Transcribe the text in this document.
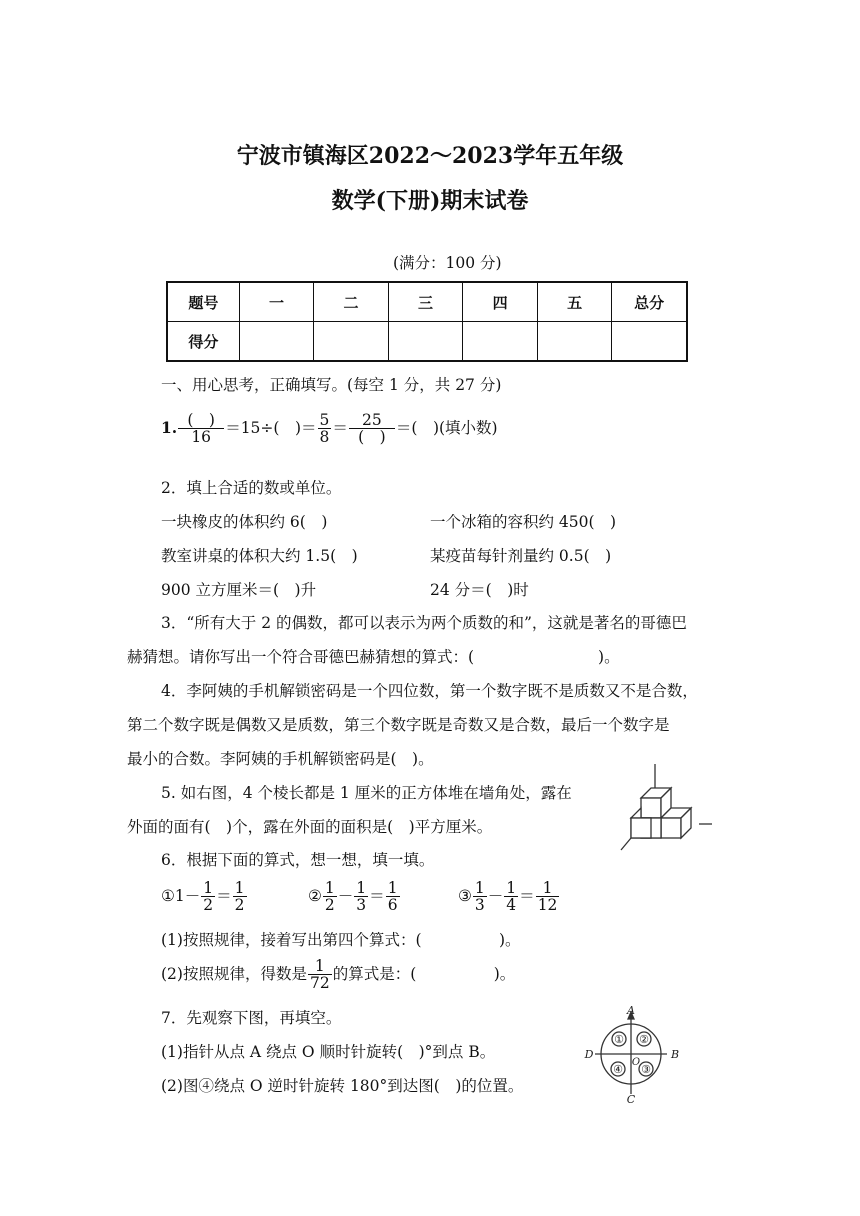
宁波市镇海区2022～2023学年五年级
数学(下册)期末试卷
(满分：100 分)
题号	一	二	三	四	五	总分
得分						
一、用心思考，正确填写。(每空 1 分，共 27 分)
1. $\frac{( )}{16} =15\div$(　)＝ $\frac{5}{8} = \frac{25}{( )}$ ＝(　)(填小数)
2．填上合适的数或单位。
一块橡皮的体积约 6(　)	一个冰箱的容积约 450(　)
教室讲桌的体积大约 1.5(　)	某疫苗每针剂量约 0.5(　)
900 立方厘米＝(　)升	24 分＝(　)时
3．“所有大于 2 的偶数，都可以表示为两个质数的和”，这就是著名的哥德巴
赫猜想。请你写出一个符合哥德巴赫猜想的算式：(　　　　　　　　)。
4．李阿姨的手机解锁密码是一个四位数，第一个数字既不是质数又不是合数，
第二个数字既是偶数又是质数，第三个数字既是奇数又是合数，最后一个数字是
最小的合数。李阿姨的手机解锁密码是(　)。
5. 如右图，4 个棱长都是 1 厘米的正方体堆在墙角处，露在
外面的面有(　)个，露在外面的面积是(　)平方厘米。
6．根据下面的算式，想一想，填一填。
①1－ $\frac{1}{2} = \frac{1}{2}$	② $\frac{1}{2} - \frac{1}{3} = \frac{1}{6}$	③ $\frac{1}{3} - \frac{1}{4} = \frac{1}{12}$
(1)按照规律，接着写出第四个算式：(　　　　　)。
(2)按照规律，得数是 $\frac{1}{72}$ 的算式是：(　　　　　)。
7．先观察下图，再填空。
(1)指针从点 A 绕点 O 顺时针旋转(　)°到点 B。
(2)图④绕点 O 逆时针旋转 180°到达图(　)的位置。
A
B
C
D
O
① ②
③
④
